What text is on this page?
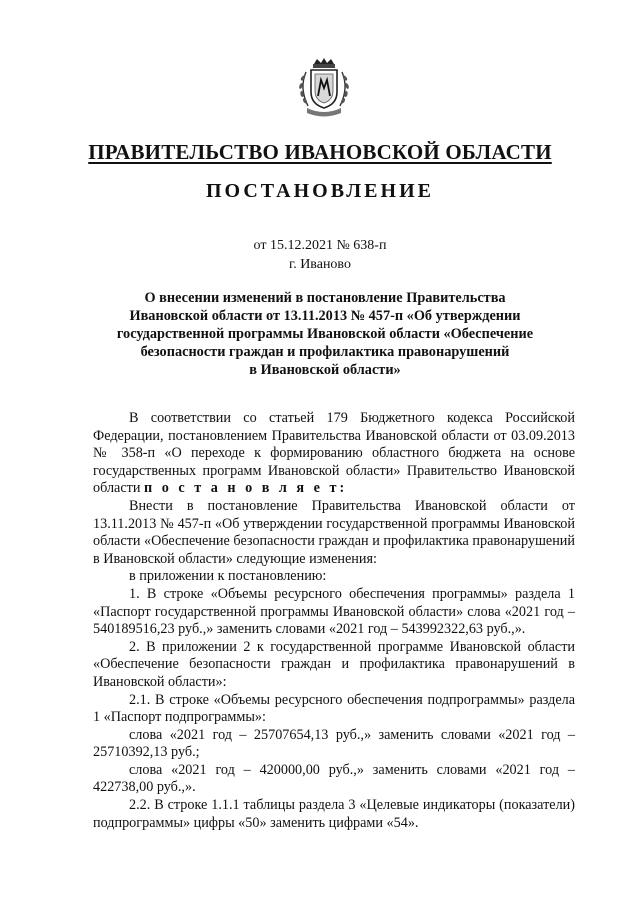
ПРАВИТЕЛЬСТВО ИВАНОВСКОЙ ОБЛАСТИ
ПОСТАНОВЛЕНИЕ
от 15.12.2021 № 638-п
г. Иваново
О внесении изменений в постановление Правительства
Ивановской области от 13.11.2013 № 457-п «Об утверждении
государственной программы Ивановской области «Обеспечение
безопасности граждан и профилактика правонарушений
в Ивановской области»

В соответствии со статьей 179 Бюджетного кодекса Российской Федерации, постановлением Правительства Ивановской области от 03.09.2013 № 358-п «О переходе к формированию областного бюджета на основе государственных программ Ивановской области» Правительство Ивановской области п о с т а н о в л я е т:

Внести в постановление Правительства Ивановской области от 13.11.2013 № 457-п «Об утверждении государственной программы Ивановской области «Обеспечение безопасности граждан и профилактика правонарушений в Ивановской области» следующие изменения:

в приложении к постановлению:

1. В строке «Объемы ресурсного обеспечения программы» раздела 1 «Паспорт государственной программы Ивановской области» слова «2021 год – 540189516,23 руб.,» заменить словами «2021 год – 543992322,63 руб.,».

2. В приложении 2 к государственной программе Ивановской области «Обеспечение безопасности граждан и профилактика правонарушений в Ивановской области»:

2.1. В строке «Объемы ресурсного обеспечения подпрограммы» раздела 1 «Паспорт подпрограммы»:

слова «2021 год – 25707654,13 руб.,» заменить словами «2021 год – 25710392,13 руб.;

слова «2021 год – 420000,00 руб.,» заменить словами «2021 год – 422738,00 руб.,».

2.2. В строке 1.1.1 таблицы раздела 3 «Целевые индикаторы (показатели) подпрограммы» цифры «50» заменить цифрами «54».
